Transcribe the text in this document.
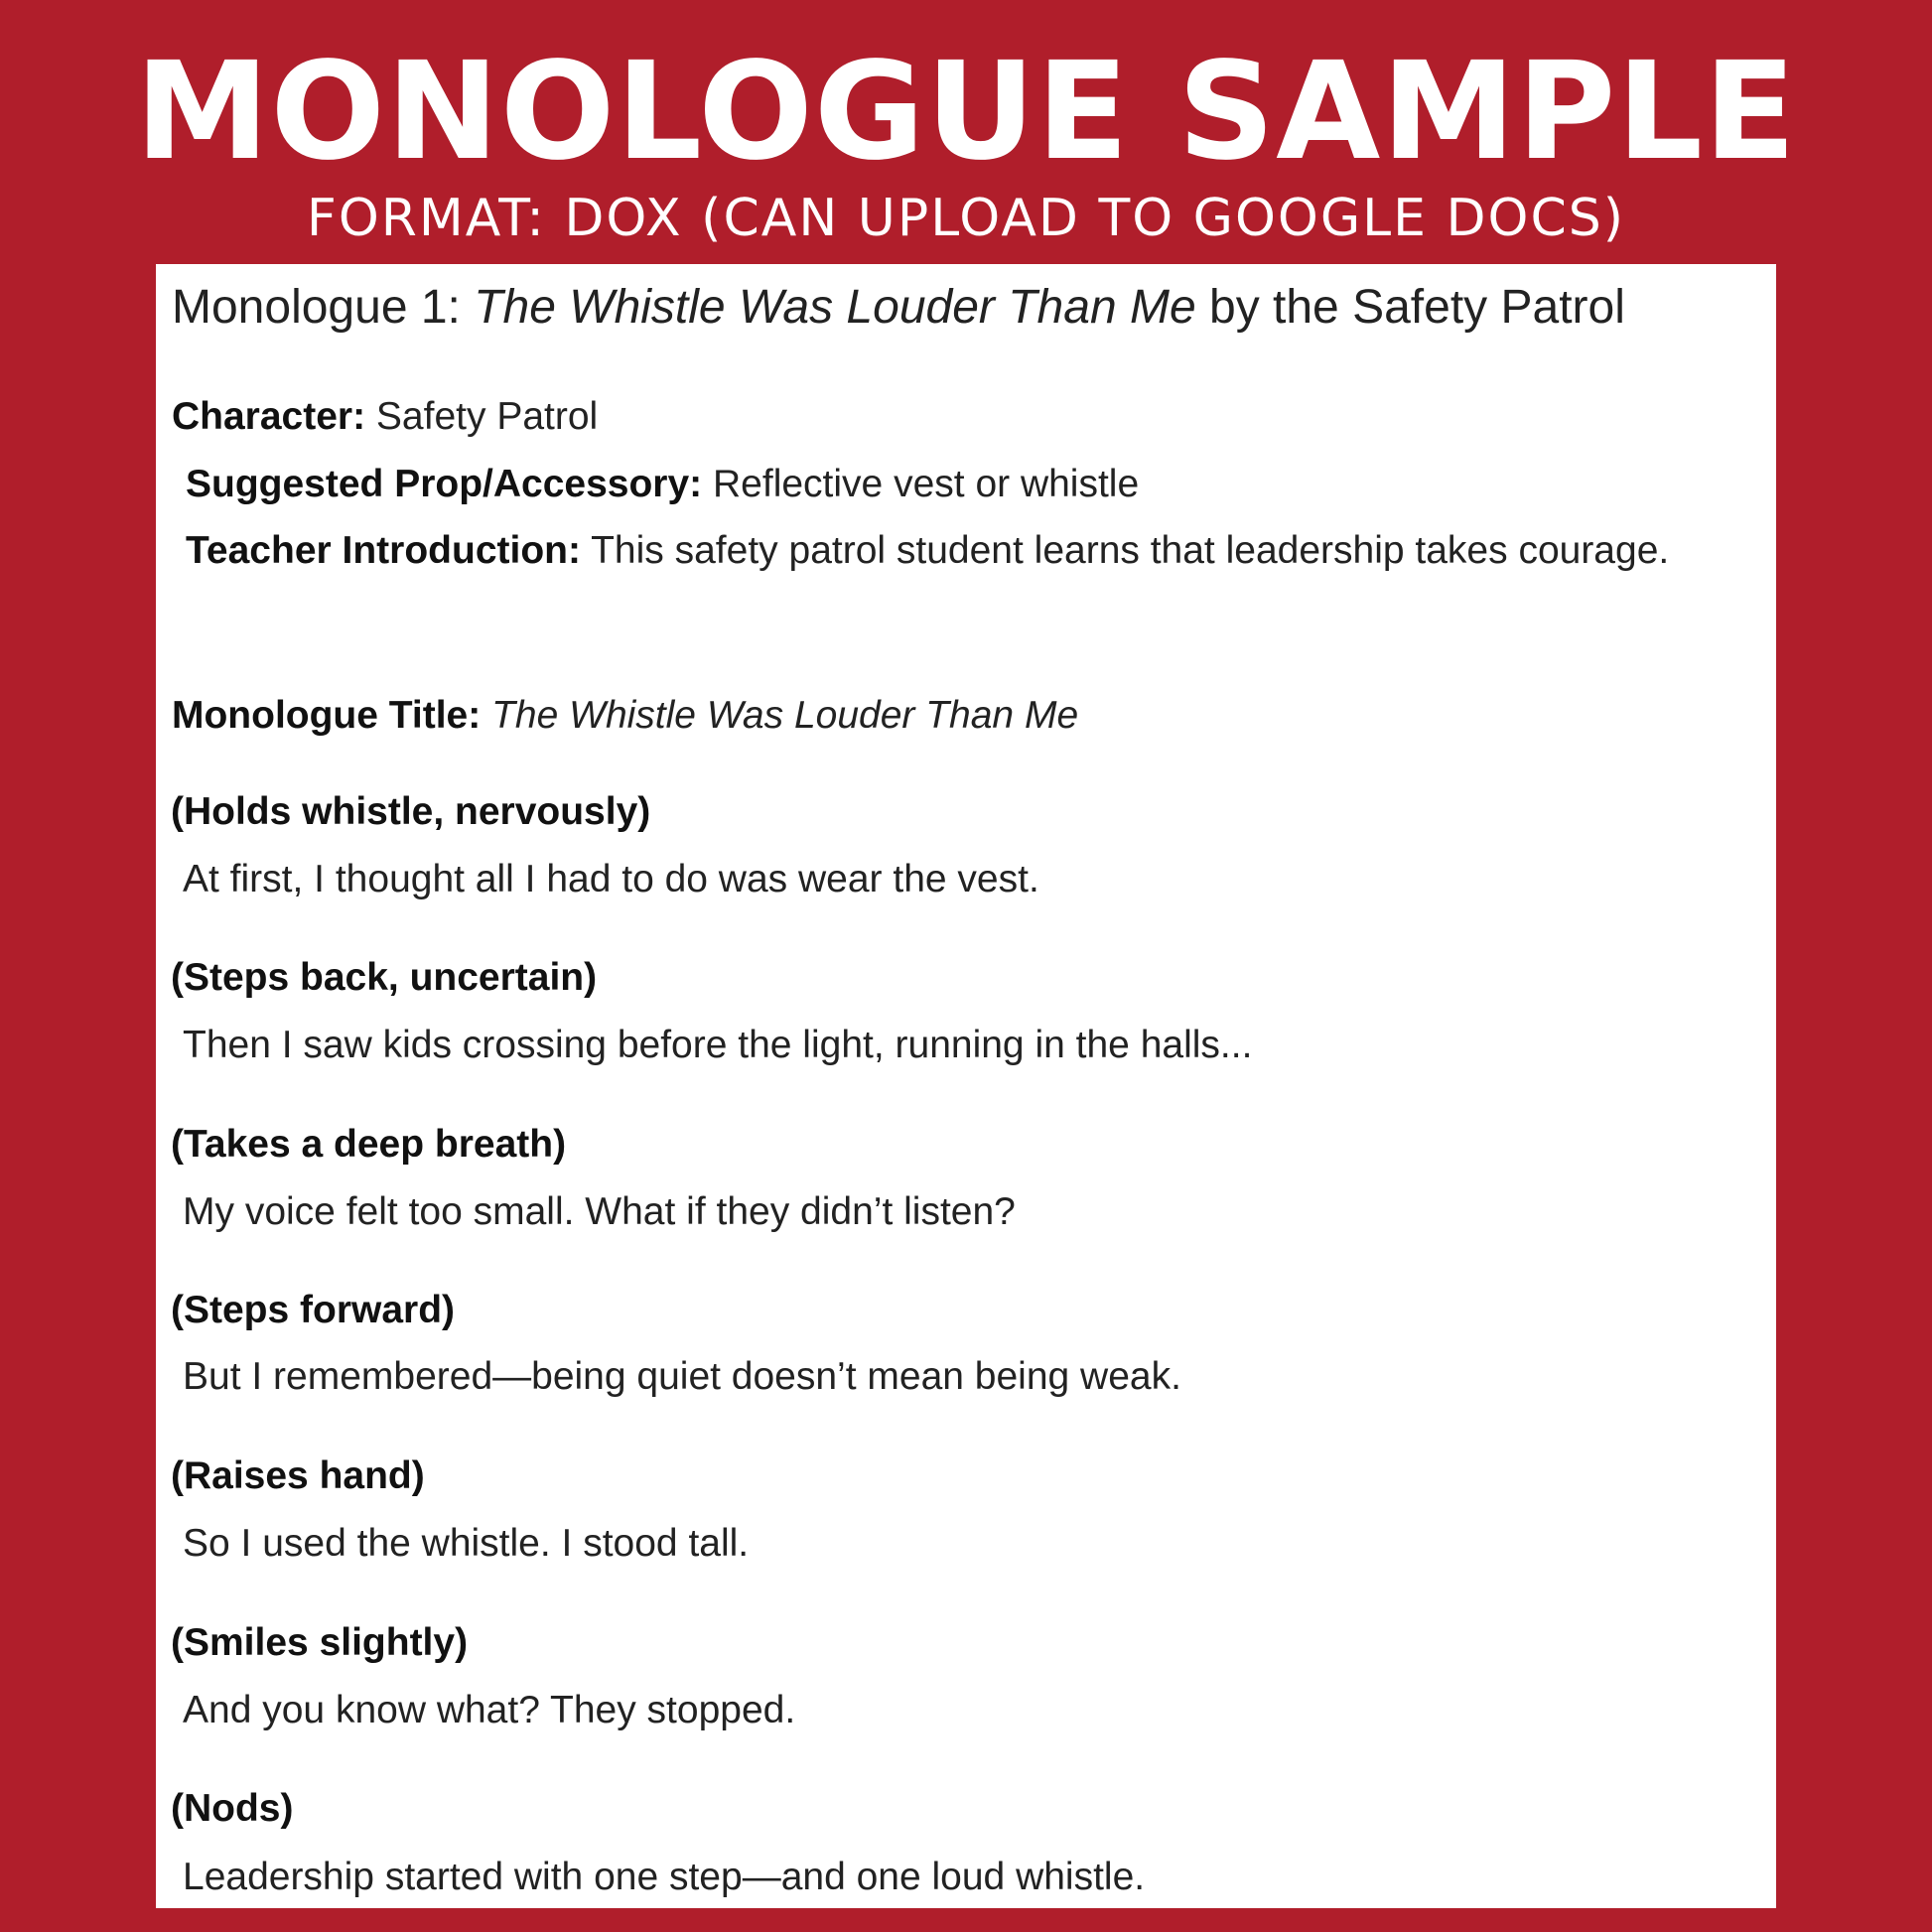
MONOLOGUE SAMPLE
FORMAT: DOX (CAN UPLOAD TO GOOGLE DOCS)
Monologue 1: The Whistle Was Louder Than Me by the Safety Patrol
Character: Safety Patrol
Suggested Prop/Accessory: Reflective vest or whistle
Teacher Introduction: This safety patrol student learns that leadership takes courage.
Monologue Title: The Whistle Was Louder Than Me
(Holds whistle, nervously)
At first, I thought all I had to do was wear the vest.
(Steps back, uncertain)
Then I saw kids crossing before the light, running in the halls...
(Takes a deep breath)
My voice felt too small. What if they didn’t listen?
(Steps forward)
But I remembered—being quiet doesn’t mean being weak.
(Raises hand)
So I used the whistle. I stood tall.
(Smiles slightly)
And you know what? They stopped.
(Nods)
Leadership started with one step—and one loud whistle.
